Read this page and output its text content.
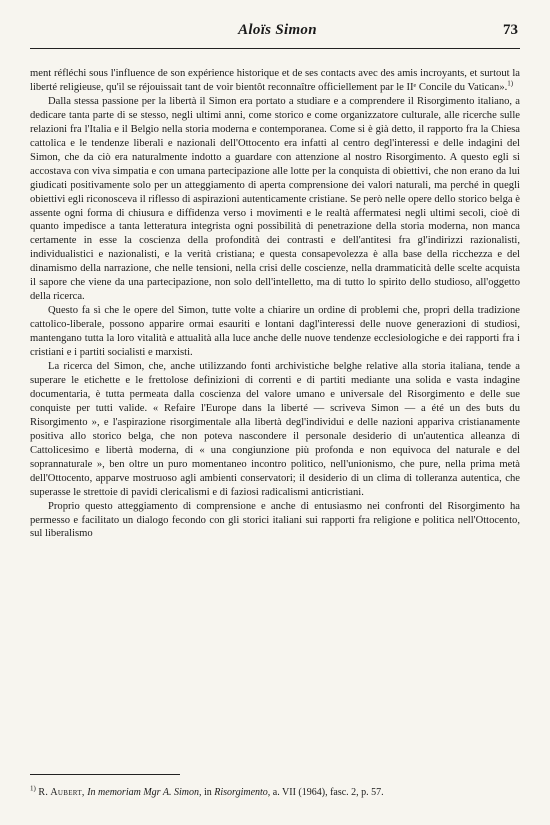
Aloïs Simon	73

ment réfléchi sous l'influence de son expérience historique et de ses contacts avec des amis incroyants, et surtout la liberté religieuse, qu'il se réjouissait tant de voir bientôt reconnaître officiellement par le IIᵉ Concile du Vatican».$^{1)}$

Dalla stessa passione per la libertà il Simon era portato a studiare e a comprendere il Risorgimento italiano, a dedicare tanta parte di se stesso, negli ultimi anni, come storico e come organizzatore culturale, alle ricerche sulle relazioni fra l'Italia e il Belgio nella storia moderna e contemporanea. Come si è già detto, il rapporto fra la Chiesa cattolica e le tendenze liberali e nazionali dell'Ottocento era infatti al centro degl'interessi e delle indagini del Simon, che da ciò era naturalmente indotto a guardare con attenzione al nostro Risorgimento. A questo egli si accostava con viva simpatia e con umana partecipazione alle lotte per la conquista di obiettivi, che non erano da lui giudicati positivamente solo per un atteggiamento di aperta comprensione dei valori naturali, ma perché in quegli obiettivi egli riconosceva il riflesso di aspirazioni autenticamente cristiane. Se però nelle opere dello storico belga è assente ogni forma di chiusura e diffidenza verso i movimenti e le realtà affermatesi negli ultimi secoli, cioè di quanto impedisce a tanta letteratura integrista ogni possibilità di penetrazione della storia moderna, non manca certamente in esse la coscienza della profondità dei contrasti e dell'antitesi fra gl'indirizzi razionalisti, individualistici e nazionalisti, e la verità cristiana; e questa consapevolezza è alla base della ricchezza e del dinamismo della narrazione, che nelle tensioni, nella crisi delle coscienze, nella drammaticità delle scelte acquista il sapore che viene da una partecipazione, non solo dell'intelletto, ma di tutto lo spirito dello studioso, all'oggetto della ricerca.

Questo fa sì che le opere del Simon, tutte volte a chiarire un ordine di problemi che, propri della tradizione cattolico-liberale, possono apparire ormai esauriti e lontani dagl'interessi delle nuove generazioni di studiosi, mantengano tutta la loro vitalità e attualità alla luce anche delle nuove tendenze ecclesiologiche e dei rapporti fra i cristiani e i partiti socialisti e marxisti.

La ricerca del Simon, che, anche utilizzando fonti archivistiche belghe relative alla storia italiana, tende a superare le etichette e le frettolose definizioni di correnti e di partiti mediante una solida e vasta indagine documentaria, è tutta permeata dalla coscienza del valore umano e universale del Risorgimento e delle sue conquiste per tutti valide. « Refaire l'Europe dans la liberté — scriveva Simon — a été un des buts du Risorgimento », e l'aspirazione risorgimentale alla libertà degl'individui e delle nazioni appariva cristianamente positiva allo storico belga, che non poteva nascondere il personale desiderio di un'autentica alleanza di Cattolicesimo e libertà moderna, di « una congiunzione più profonda e non equivoca del naturale e del soprannaturale », ben oltre un puro momentaneo incontro politico, nell'unionismo, che pure, nella prima metà dell'Ottocento, apparve mostruoso agli ambienti conservatori; il desiderio di un clima di tolleranza autentica, che superasse le strettoie di pavidi clericalismi e di faziosi radicalismi anticristiani.

Proprio questo atteggiamento di comprensione e anche di entusiasmo nei confronti del Risorgimento ha permesso e facilitato un dialogo fecondo con gli storici italiani sui rapporti fra religione e politica nell'Ottocento, sul liberalismo

$^{1)}$ R. Aubert, In memoriam Mgr A. Simon, in Risorgimento, a. VII (1964), fasc. 2, p. 57.
